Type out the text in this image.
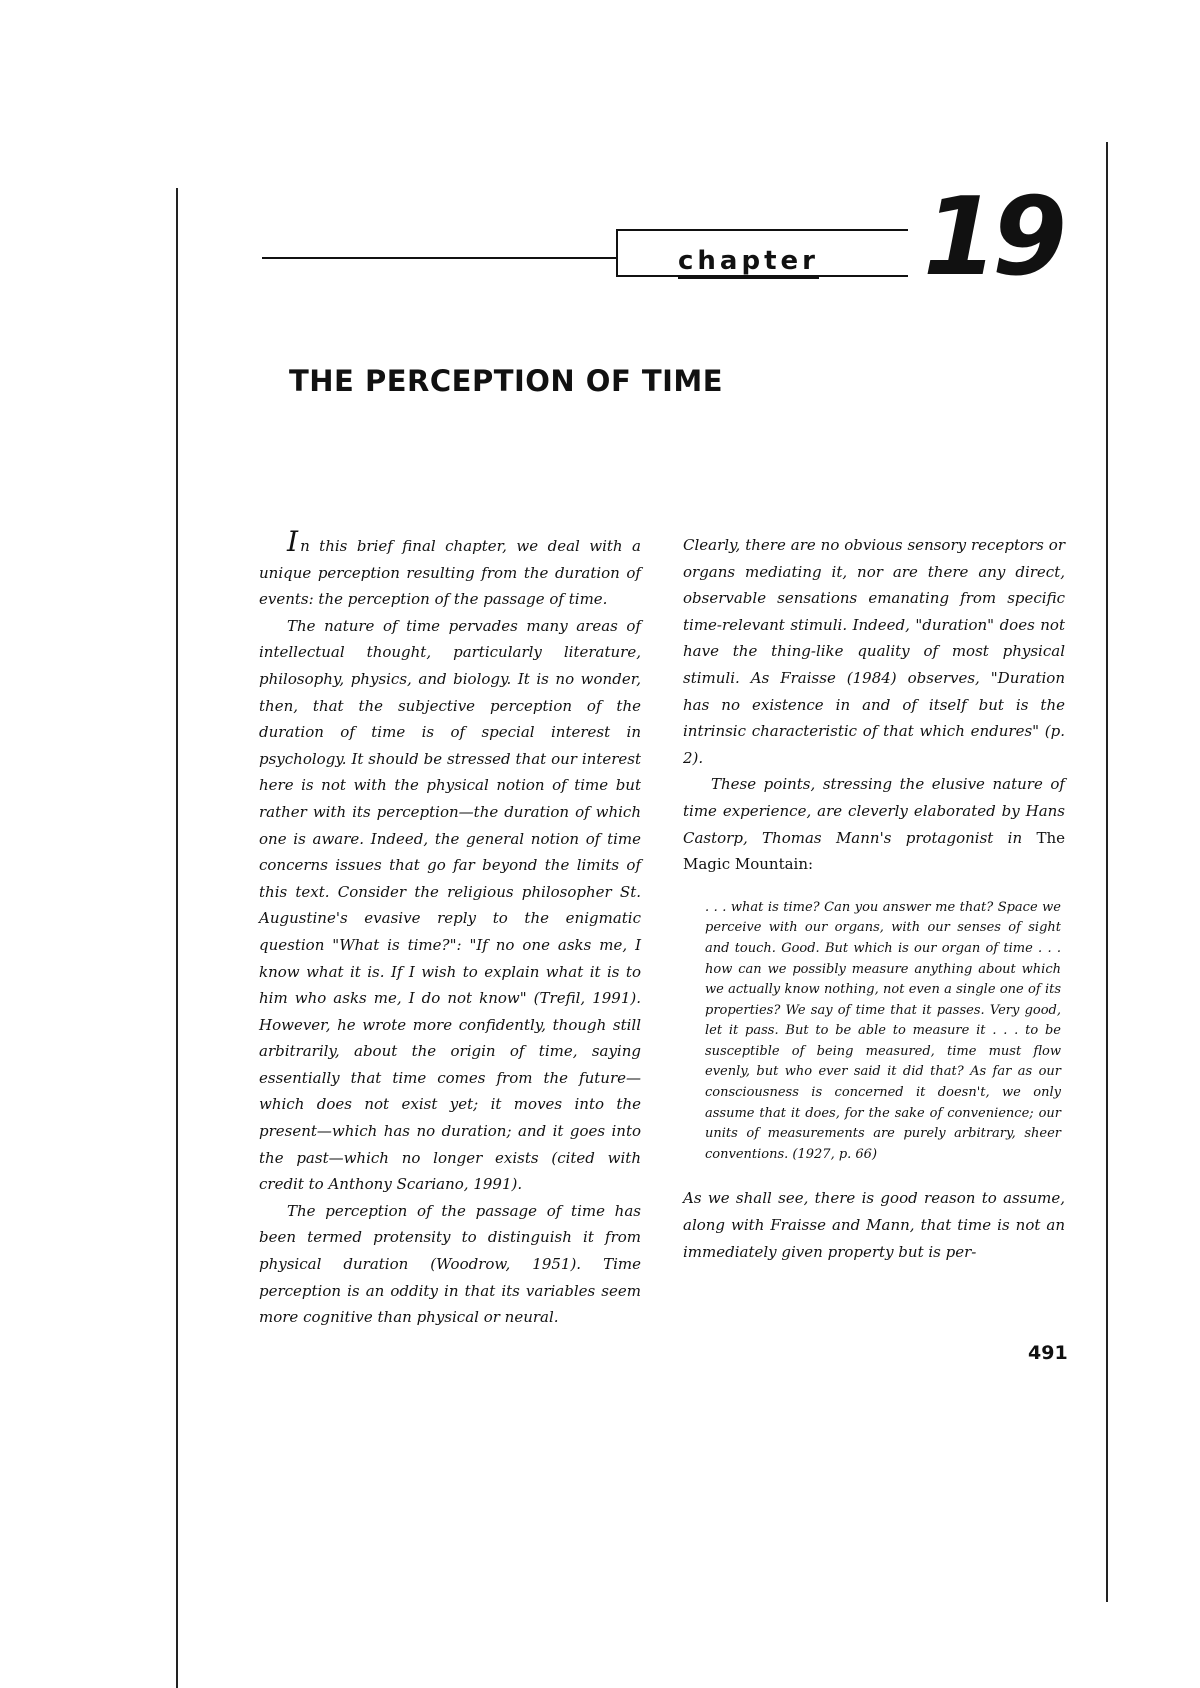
chapter 19
THE PERCEPTION OF TIME

In this brief final chapter, we deal with a unique perception resulting from the duration of events: the perception of the passage of time.

The nature of time pervades many areas of intellectual thought, particularly literature, philosophy, physics, and biology. It is no wonder, then, that the subjective perception of the duration of time is of special interest in psychology. It should be stressed that our interest here is not with the physical notion of time but rather with its perception—the duration of which one is aware. Indeed, the general notion of time concerns issues that go far beyond the limits of this text. Consider the religious philosopher St. Augustine's evasive reply to the enigmatic question "What is time?": "If no one asks me, I know what it is. If I wish to explain what it is to him who asks me, I do not know" (Trefil, 1991). However, he wrote more confidently, though still arbitrarily, about the origin of time, saying essentially that time comes from the future—which does not exist yet; it moves into the present—which has no duration; and it goes into the past—which no longer exists (cited with credit to Anthony Scariano, 1991).

The perception of the passage of time has been termed protensity to distinguish it from physical duration (Woodrow, 1951). Time perception is an oddity in that its variables seem more cognitive than physical or neural.

Clearly, there are no obvious sensory receptors or organs mediating it, nor are there any direct, observable sensations emanating from specific time-relevant stimuli. Indeed, "duration" does not have the thing-like quality of most physical stimuli. As Fraisse (1984) observes, "Duration has no existence in and of itself but is the intrinsic characteristic of that which endures" (p. 2).

These points, stressing the elusive nature of time experience, are cleverly elaborated by Hans Castorp, Thomas Mann's protagonist in The Magic Mountain:

. . . what is time? Can you answer me that? Space we perceive with our organs, with our senses of sight and touch. Good. But which is our organ of time . . . how can we possibly measure anything about which we actually know nothing, not even a single one of its properties? We say of time that it passes. Very good, let it pass. But to be able to measure it . . . to be susceptible of being measured, time must flow evenly, but who ever said it did that? As far as our consciousness is concerned it doesn't, we only assume that it does, for the sake of convenience; our units of measurements are purely arbitrary, sheer conventions. (1927, p. 66)

As we shall see, there is good reason to assume, along with Fraisse and Mann, that time is not an immediately given property but is per-

491
